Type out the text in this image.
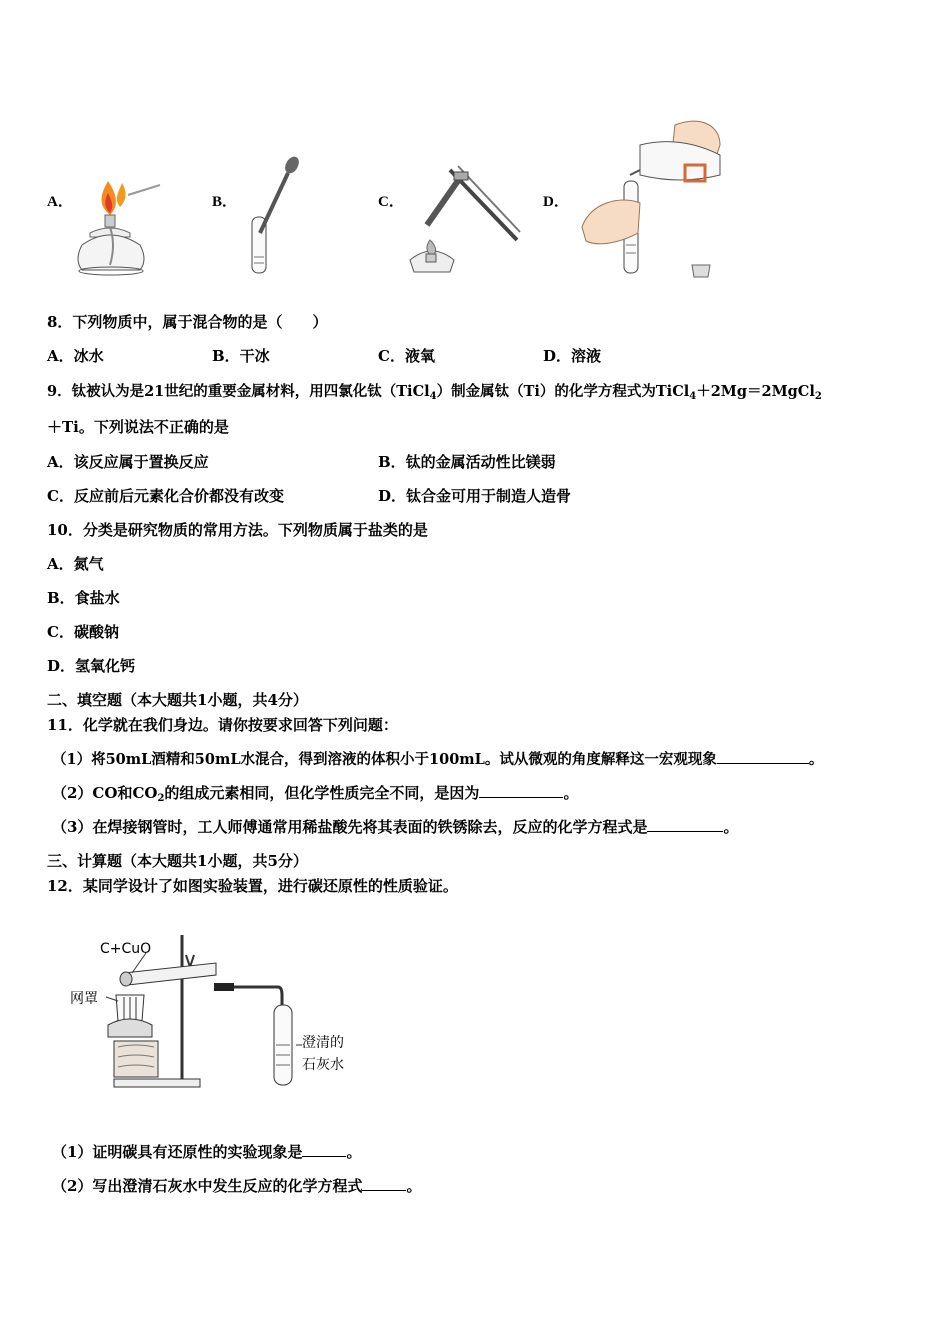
A．	B．	C．	D．
8．下列物质中，属于混合物的是（　　）
A．冰水	B．干冰	C．液氧	D．溶液
9．钛被认为是21世纪的重要金属材料，用四氯化钛（TiCl$_4$）制金属钛（Ti）的化学方程式为TiCl$_4$＋2Mg＝2MgCl$_2$
＋Ti。下列说法不正确的是
A．该反应属于置换反应	B．钛的金属活动性比镁弱
C．反应前后元素化合价都没有改变	D．钛合金可用于制造人造骨
10．分类是研究物质的常用方法。下列物质属于盐类的是
A．氮气
B．食盐水
C．碳酸钠
D．氢氧化钙
二、填空题（本大题共1小题，共4分）
11．化学就在我们身边。请你按要求回答下列问题：
（1）将50mL酒精和50mL水混合，得到溶液的体积小于100mL。试从微观的角度解释这一宏观现象	。
（2）CO和$CO_2$的组成元素相同，但化学性质完全不同，是因为	。
（3）在焊接钢管时，工人师傅通常用稀盐酸先将其表面的铁锈除去，反应的化学方程式是	。
三、计算题（本大题共1小题，共5分）
12．某同学设计了如图实验装置，进行碳还原性的性质验证。
C+CuO
网罩
澄清的
石灰水
（1）证明碳具有还原性的实验现象是	。
（2）写出澄清石灰水中发生反应的化学方程式	。
